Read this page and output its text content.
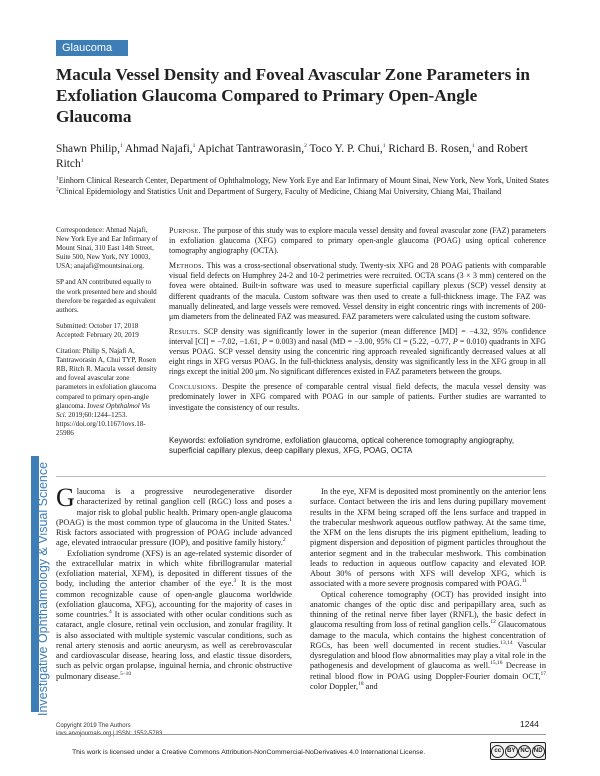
Glaucoma
Investigative Ophthalmology & Visual Science
Macula Vessel Density and Foveal Avascular Zone Parameters in Exfoliation Glaucoma Compared to Primary Open-Angle Glaucoma
Shawn Philip,$^1$ Ahmad Najafi,$^1$ Apichat Tantraworasin,$^2$ Toco Y. P. Chui,$^1$ Richard B. Rosen,$^1$ and Robert Ritch$^1$
$^1$Einhorn Clinical Research Center, Department of Ophthalmology, New York Eye and Ear Infirmary of Mount Sinai, New York, New York, United States
$^2$Clinical Epidemiology and Statistics Unit and Department of Surgery, Faculty of Medicine, Chiang Mai University, Chiang Mai, Thailand

Correspondence: Ahmad Najafi, New York Eye and Ear Infirmary of Mount Sinai, 310 East 14th Street, Suite 500, New York, NY 10003, USA; anajafi@mountsinai.org.

SP and AN contributed equally to the work presented here and should therefore be regarded as equivalent authors.

Submitted: October 17, 2018

Accepted: February 20, 2019

Citation: Philip S, Najafi A, Tantraworasin A, Chui TYP, Rosen RB, Ritch R. Macula vessel density and foveal avascular zone parameters in exfoliation glaucoma compared to primary open-angle glaucoma. Invest Ophthalmol Vis Sci. 2019;60:1244–1253. https://doi.org/10.1167/iovs.18-25986

Purpose. The purpose of this study was to explore macula vessel density and foveal avascular zone (FAZ) parameters in exfoliation glaucoma (XFG) compared to primary open-angle glaucoma (POAG) using optical coherence tomography angiography (OCTA).

Methods. This was a cross-sectional observational study. Twenty-six XFG and 28 POAG patients with comparable visual field defects on Humphrey 24-2 and 10-2 perimetries were recruited. OCTA scans (3 × 3 mm) centered on the fovea were obtained. Built-in software was used to measure superficial capillary plexus (SCP) vessel density at different quadrants of the macula. Custom software was then used to create a full-thickness image. The FAZ was manually delineated, and large vessels were removed. Vessel density in eight concentric rings with increments of 200-μm diameters from the delineated FAZ was measured. FAZ parameters were calculated using the custom software.

Results. SCP density was significantly lower in the superior (mean difference [MD] = −4.32, 95% confidence interval [CI] = −7.02, −1.61, P = 0.003) and nasal (MD = −3.00, 95% CI = (5.22, −0.77, P = 0.010) quadrants in XFG versus POAG. SCP vessel density using the concentric ring approach revealed significantly decreased values at all eight rings in XFG versus POAG. In the full-thickness analysis, density was significantly less in the XFG group in all rings except the initial 200 μm. No significant differences existed in FAZ parameters between the groups.

Conclusions. Despite the presence of comparable central visual field defects, the macula vessel density was predominately lower in XFG compared with POAG in our sample of patients. Further studies are warranted to investigate the consistency of our results.

Keywords: exfoliation syndrome, exfoliation glaucoma, optical coherence tomography angiography, superficial capillary plexus, deep capillary plexus, XFG, POAG, OCTA

Glaucoma is a progressive neurodegenerative disorder characterized by retinal ganglion cell (RGC) loss and poses a major risk to global public health. Primary open-angle glaucoma (POAG) is the most common type of glaucoma in the United States.$^1$ Risk factors associated with progression of POAG include advanced age, elevated intraocular pressure (IOP), and positive family history.$^2$

Exfoliation syndrome (XFS) is an age-related systemic disorder of the extracellular matrix in which white fibrillogranular material (exfoliation material, XFM), is deposited in different tissues of the body, including the anterior chamber of the eye.$^3$ It is the most common recognizable cause of open-angle glaucoma worldwide (exfoliation glaucoma, XFG), accounting for the majority of cases in some countries.$^4$ It is associated with other ocular conditions such as cataract, angle closure, retinal vein occlusion, and zonular fragility. It is also associated with multiple systemic vascular conditions, such as renal artery stenosis and aortic aneurysm, as well as cerebrovascular and cardiovascular disease, hearing loss, and elastic tissue disorders, such as pelvic organ prolapse, inguinal hernia, and chronic obstructive pulmonary disease.$^{5-10}$

In the eye, XFM is deposited most prominently on the anterior lens surface. Contact between the iris and lens during pupillary movement results in the XFM being scraped off the lens surface and trapped in the trabecular meshwork aqueous outflow pathway. At the same time, the XFM on the lens disrupts the iris pigment epithelium, leading to pigment dispersion and deposition of pigment particles throughout the anterior segment and in the trabecular meshwork. This combination leads to reduction in aqueous outflow capacity and elevated IOP. About 30% of persons with XFS will develop XFG, which is associated with a more severe prognosis compared with POAG.$^{11}$

Optical coherence tomography (OCT) has provided insight into anatomic changes of the optic disc and peripapillary area, such as thinning of the retinal nerve fiber layer (RNFL), the basic defect in glaucoma resulting from loss of retinal ganglion cells.$^{12}$ Glaucomatous damage to the macula, which contains the highest concentration of RGCs, has been well documented in recent studies.$^{13,14}$ Vascular dysregulation and blood flow abnormalities may play a vital role in the pathogenesis and development of glaucoma as well.$^{15,16}$ Decrease in retinal blood flow in POAG using Doppler-Fourier domain OCT,$^{17}$ color Doppler,$^{18}$ and

Copyright 2019 The Authors
iovs.arvojournals.org | ISSN: 1552-5783
1244
This work is licensed under a Creative Commons Attribution-NonCommercial-NoDerivatives 4.0 International License.	cc BY NC ND
